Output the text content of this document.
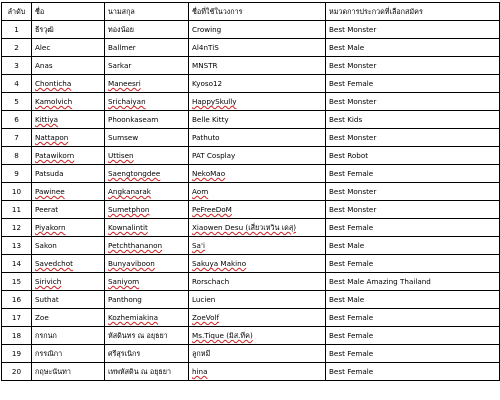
ลำดับ	ชื่อ	นามสกุล	ชื่อที่ใช้ในวงการ	หมวดการประกวดที่เลือกสมัคร
1	ธีรวุฒิ	ทองน้อย	Crowing	Best Monster
2	Alec	Ballmer	Al4nTiS	Best Male
3	Anas	Sarkar	MNSTR	Best Monster
4	Chonticha	Maneesri	Kyoso12	Best Female
5	Kamolvich	Srichaiyan	HappySkully	Best Monster
6	Kittiya	Phoonkaseam	Belle Kitty	Best Kids
7	Nattapon	Sumsew	Pathuto	Best Monster
8	Patawikorn	Uttisen	PAT Cosplay	Best Robot
9	Patsuda	Saengtongdee	NekoMao	Best Female
10	Pawinee	Angkanarak	Aom	Best Monster
11	Peerat	Sumetphon	PeFreeDoM	Best Monster
12	Piyakorn	Kownalintit	Xiaowen Desu (เสี่ยวเหวิน เดสุ)	Best Female
13	Sakon	Petchthananon	Sa'i	Best Male
14	Savedchot	Bunyaviboon	Sakuya Makino	Best Female
15	Sirivich	Saniyom	Rorschach	Best Male Amazing Thailand
16	Suthat	Panthong	Lucien	Best Male
17	Zoe	Kozhemiakina	ZoeVolf	Best Female
18	กรกนก	หัสดินทร ณ อยุธยา	Ms.Tique (มิส.ทีค)	Best Female
19	กรรณิกา	ศรีสุรเนิกร	ลูกหมี	Best Female
20	กฤษะนันทา	เทพหัสดิน ณ อยุธยา	hina	Best Female
